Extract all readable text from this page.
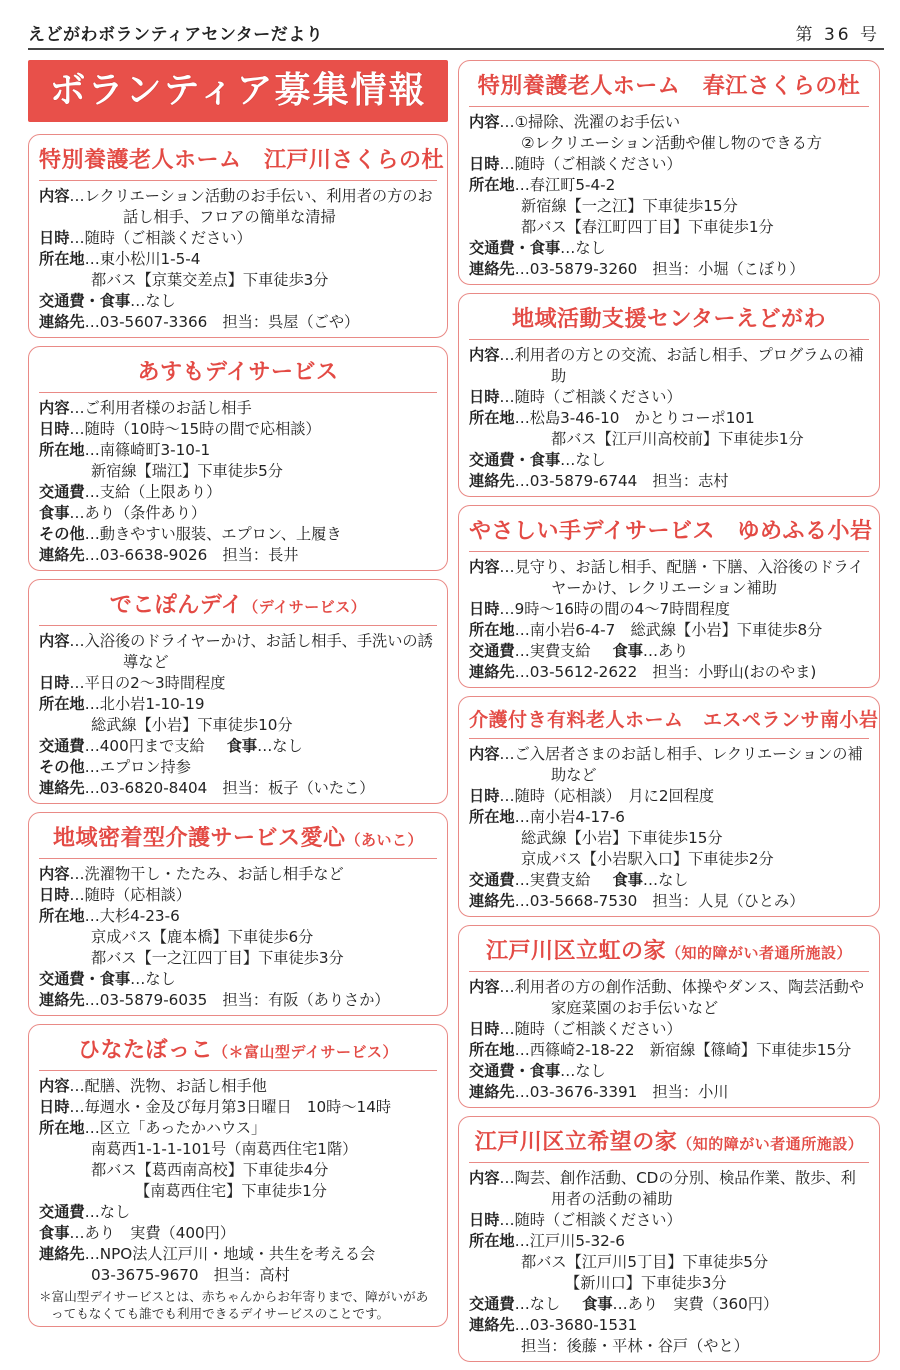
えどがわボランティアセンターだより	第 36 号
ボランティア募集情報
特別養護老人ホーム　江戸川さくらの杜
内容…レクリエーション活動のお手伝い、利用者の方のお話し相手、フロアの簡単な清掃
日時…随時（ご相談ください）
所在地…東小松川1-5-4
都バス【京葉交差点】下車徒歩3分
交通費・食事…なし
連絡先…03-5607-3366　担当：呉屋（ごや）
あすもデイサービス
内容…ご利用者様のお話し相手
日時…随時（10時～15時の間で応相談）
所在地…南篠崎町3-10-1
新宿線【瑞江】下車徒歩5分
交通費…支給（上限あり）
食事…あり（条件あり）
その他…動きやすい服装、エプロン、上履き
連絡先…03-6638-9026　担当：長井
でこぽんデイ（デイサービス）
内容…入浴後のドライヤーかけ、お話し相手、手洗いの誘導など
日時…平日の2～3時間程度
所在地…北小岩1-10-19
総武線【小岩】下車徒歩10分
交通費…400円まで支給 食事…なし
その他…エプロン持参
連絡先…03-6820-8404　担当：板子（いたこ）
地域密着型介護サービス愛心（あいこ）
内容…洗濯物干し・たたみ、お話し相手など
日時…随時（応相談）
所在地…大杉4-23-6
京成バス【鹿本橋】下車徒歩6分
都バス【一之江四丁目】下車徒歩3分
交通費・食事…なし
連絡先…03-5879-6035　担当：有阪（ありさか）
ひなたぼっこ（＊富山型デイサービス）
内容…配膳、洗物、お話し相手他
日時…毎週水・金及び毎月第3日曜日　10時～14時
所在地…区立「あったかハウス」
南葛西1-1-1-101号（南葛西住宅1階）
都バス【葛西南高校】下車徒歩4分
【南葛西住宅】下車徒歩1分
交通費…なし
食事…あり　実費（400円）
連絡先…NPO法人江戸川・地域・共生を考える会
03-3675-9670　担当：高村
＊富山型デイサービスとは、赤ちゃんからお年寄りまで、障がいがあってもなくても誰でも利用できるデイサービスのことです。
特別養護老人ホーム　春江さくらの杜
内容…①掃除、洗濯のお手伝い
②レクリエーション活動や催し物のできる方
日時…随時（ご相談ください）
所在地…春江町5-4-2
新宿線【一之江】下車徒歩15分
都バス【春江町四丁目】下車徒歩1分
交通費・食事…なし
連絡先…03-5879-3260　担当：小堀（こぼり）
地域活動支援センターえどがわ
内容…利用者の方との交流、お話し相手、プログラムの補助
日時…随時（ご相談ください）
所在地…松島3-46-10　かとりコーポ101
都バス【江戸川高校前】下車徒歩1分
交通費・食事…なし
連絡先…03-5879-6744　担当：志村
やさしい手デイサービス　ゆめふる小岩
内容…見守り、お話し相手、配膳・下膳、入浴後のドライヤーかけ、レクリエーション補助
日時…9時～16時の間の4～7時間程度
所在地…南小岩6-4-7　総武線【小岩】下車徒歩8分
交通費…実費支給 食事…あり
連絡先…03-5612-2622　担当：小野山(おのやま)
介護付き有料老人ホーム　エスペランサ南小岩
内容…ご入居者さまのお話し相手、レクリエーションの補助など
日時…随時（応相談）　月に2回程度
所在地…南小岩4-17-6
総武線【小岩】下車徒歩15分
京成バス【小岩駅入口】下車徒歩2分
交通費…実費支給 食事…なし
連絡先…03-5668-7530　担当：人見（ひとみ）
江戸川区立虹の家（知的障がい者通所施設）
内容…利用者の方の創作活動、体操やダンス、陶芸活動や家庭菜園のお手伝いなど
日時…随時（ご相談ください）
所在地…西篠崎2-18-22　新宿線【篠崎】下車徒歩15分
交通費・食事…なし
連絡先…03-3676-3391　担当：小川
江戸川区立希望の家（知的障がい者通所施設）
内容…陶芸、創作活動、CDの分別、検品作業、散歩、利用者の活動の補助
日時…随時（ご相談ください）
所在地…江戸川5-32-6
都バス【江戸川5丁目】下車徒歩5分
【新川口】下車徒歩3分
交通費…なし 食事…あり　実費（360円）
連絡先…03-3680-1531
担当：後藤・平林・谷戸（やと）
